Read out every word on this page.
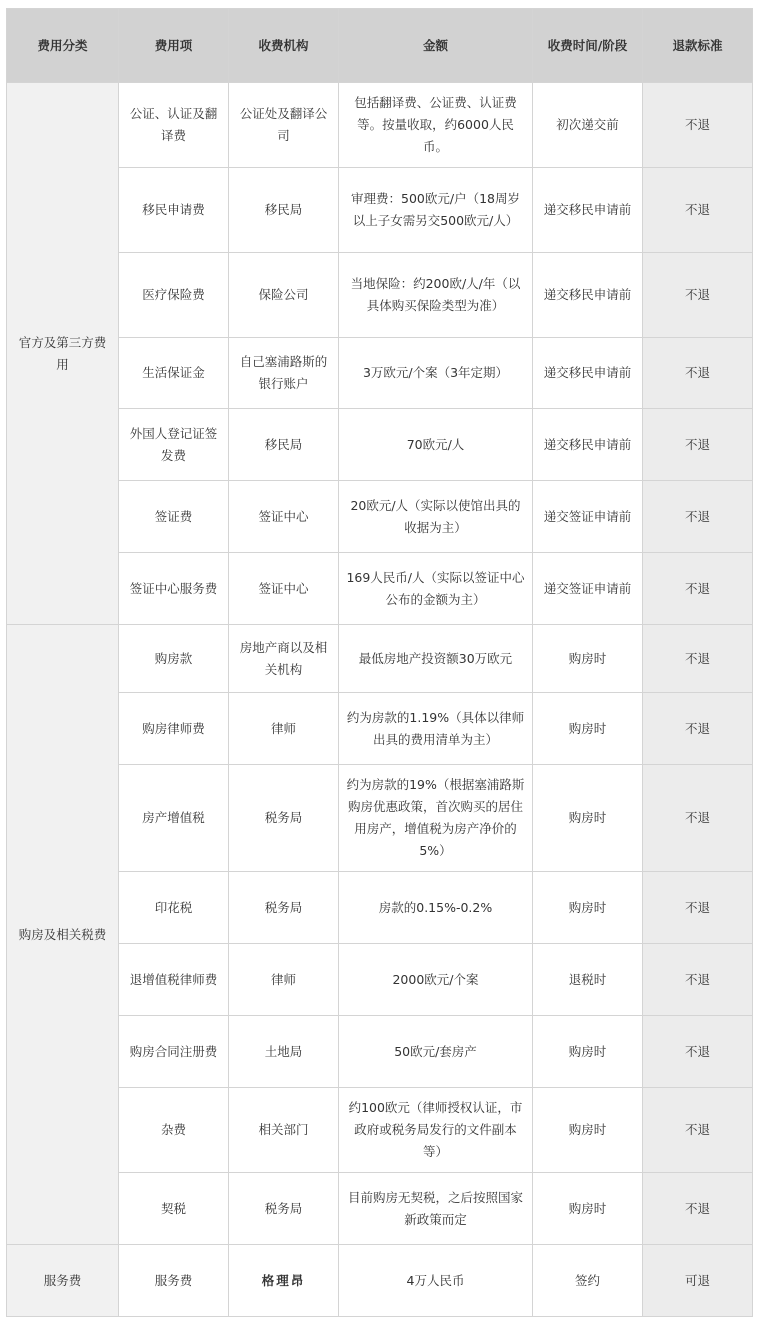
费用分类	费用项	收费机构	金额	收费时间/阶段	退款标准
官方及第三方费用	公证、认证及翻译费	公证处及翻译公司	包括翻译费、公证费、认证费等。按量收取，约6000人民币。	初次递交前	不退
	移民申请费	移民局	审理费：500欧元/户（18周岁以上子女需另交500欧元/人）	递交移民申请前	不退
	医疗保险费	保险公司	当地保险：约200欧/人/年（以具体购买保险类型为准）	递交移民申请前	不退
	生活保证金	自己塞浦路斯的银行账户	3万欧元/个案（3年定期）	递交移民申请前	不退
	外国人登记证签发费	移民局	70欧元/人	递交移民申请前	不退
	签证费	签证中心	20欧元/人（实际以使馆出具的收据为主）	递交签证申请前	不退
	签证中心服务费	签证中心	169人民币/人（实际以签证中心公布的金额为主）	递交签证申请前	不退
购房及相关税费	购房款	房地产商以及相关机构	最低房地产投资额30万欧元	购房时	不退
	购房律师费	律师	约为房款的1.19%（具体以律师出具的费用清单为主）	购房时	不退
	房产增值税	税务局	约为房款的19%（根据塞浦路斯购房优惠政策，首次购买的居住用房产，增值税为房产净价的5%）	购房时	不退
	印花税	税务局	房款的0.15%-0.2%	购房时	不退
	退增值税律师费	律师	2000欧元/个案	退税时	不退
	购房合同注册费	土地局	50欧元/套房产	购房时	不退
	杂费	相关部门	约100欧元（律师授权认证，市政府或税务局发行的文件副本等）	购房时	不退
	契税	税务局	目前购房无契税，之后按照国家新政策而定	购房时	不退
服务费	服务费	格理昂	4万人民币	签约	可退
